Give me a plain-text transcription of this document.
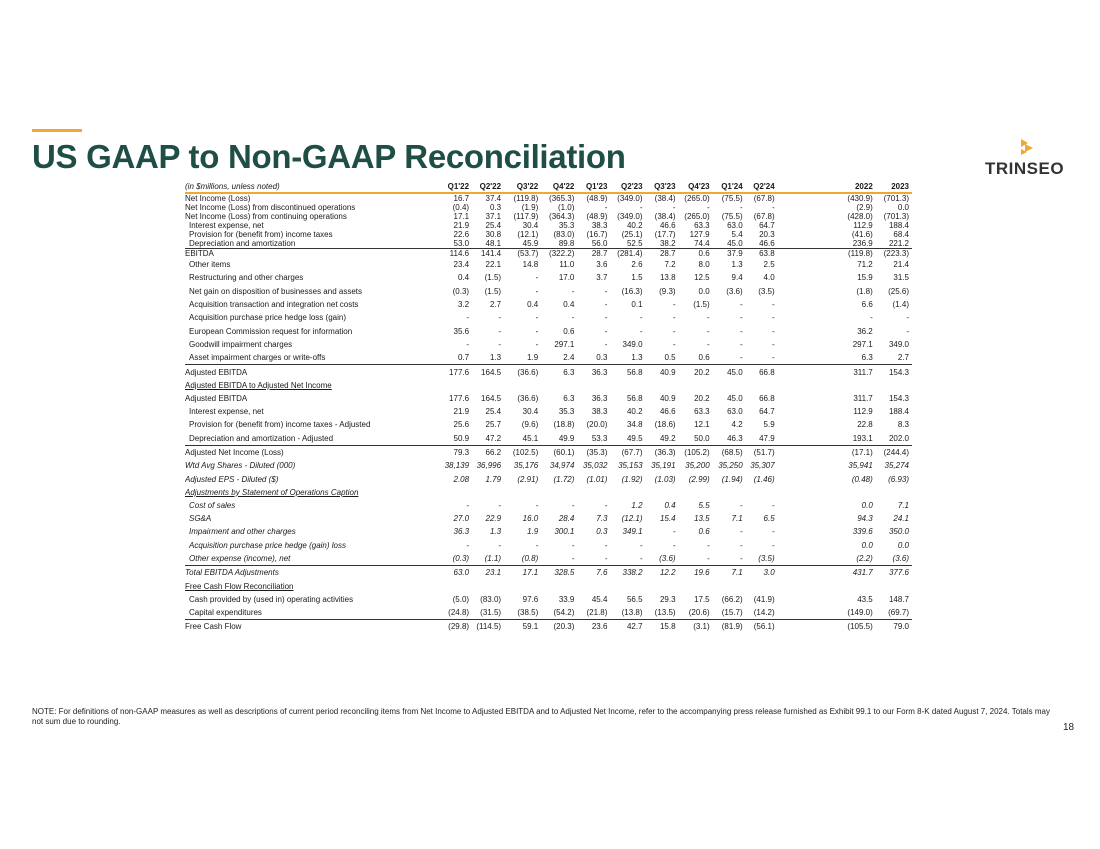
US GAAP to Non-GAAP Reconciliation	TRINSEO
(in $millions, unless noted)	Q1'22	Q2'22	Q3'22	Q4'22	Q1'23	Q2'23	Q3'23	Q4'23	Q1'24	Q2'24		2022	2023
Net Income (Loss)	16.7	37.4	(119.8)	(365.3)	(48.9)	(349.0)	(38.4)	(265.0)	(75.5)	(67.8)		(430.9)	(701.3)
Net Income (Loss) from discontinued operations	(0.4)	0.3	(1.9)	(1.0)	-	-	-	-	-	-		(2.9)	0.0
Net Income (Loss) from continuing operations	17.1	37.1	(117.9)	(364.3)	(48.9)	(349.0)	(38.4)	(265.0)	(75.5)	(67.8)		(428.0)	(701.3)
Interest expense, net	21.9	25.4	30.4	35.3	38.3	40.2	46.6	63.3	63.0	64.7		112.9	188.4
Provision for (benefit from) income taxes	22.6	30.8	(12.1)	(83.0)	(16.7)	(25.1)	(17.7)	127.9	5.4	20.3		(41.6)	68.4
Depreciation and amortization	53.0	48.1	45.9	89.8	56.0	52.5	38.2	74.4	45.0	46.6		236.9	221.2
EBITDA	114.6	141.4	(53.7)	(322.2)	28.7	(281.4)	28.7	0.6	37.9	63.8		(119.8)	(223.3)
Other items	23.4	22.1	14.8	11.0	3.6	2.6	7.2	8.0	1.3	2.5		71.2	21.4
Restructuring and other charges	0.4	(1.5)	-	17.0	3.7	1.5	13.8	12.5	9.4	4.0		15.9	31.5
Net gain on disposition of businesses and assets	(0.3)	(1.5)	-	-	-	(16.3)	(9.3)	0.0	(3.6)	(3.5)		(1.8)	(25.6)
Acquisition transaction and integration net costs	3.2	2.7	0.4	0.4	-	0.1	-	(1.5)	-	-		6.6	(1.4)
Acquisition purchase price hedge loss (gain)	-	-	-	-	-	-	-	-	-	-		-	-
European Commission request for information	35.6	-	-	0.6	-	-	-	-	-	-		36.2	-
Goodwill impairment charges	-	-	-	297.1	-	349.0	-	-	-	-		297.1	349.0
Asset impairment charges or write-offs	0.7	1.3	1.9	2.4	0.3	1.3	0.5	0.6	-	-		6.3	2.7
Adjusted EBITDA	177.6	164.5	(36.6)	6.3	36.3	56.8	40.9	20.2	45.0	66.8		311.7	154.3
Adjusted EBITDA to Adjusted Net Income													
Adjusted EBITDA	177.6	164.5	(36.6)	6.3	36.3	56.8	40.9	20.2	45.0	66.8		311.7	154.3
Interest expense, net	21.9	25.4	30.4	35.3	38.3	40.2	46.6	63.3	63.0	64.7		112.9	188.4
Provision for (benefit from) income taxes - Adjusted	25.6	25.7	(9.6)	(18.8)	(20.0)	34.8	(18.6)	12.1	4.2	5.9		22.8	8.3
Depreciation and amortization - Adjusted	50.9	47.2	45.1	49.9	53.3	49.5	49.2	50.0	46.3	47.9		193.1	202.0
Adjusted Net Income (Loss)	79.3	66.2	(102.5)	(60.1)	(35.3)	(67.7)	(36.3)	(105.2)	(68.5)	(51.7)		(17.1)	(244.4)
Wtd Avg Shares - Diluted (000)	38,139	36,996	35,176	34,974	35,032	35,153	35,191	35,200	35,250	35,307		35,941	35,274
Adjusted EPS - Diluted ($)	2.08	1.79	(2.91)	(1.72)	(1.01)	(1.92)	(1.03)	(2.99)	(1.94)	(1.46)		(0.48)	(6.93)
Adjustments by Statement of Operations Caption													
Cost of sales	-	-	-	-	-	1.2	0.4	5.5	-	-		0.0	7.1
SG&A	27.0	22.9	16.0	28.4	7.3	(12.1)	15.4	13.5	7.1	6.5		94.3	24.1
Impairment and other charges	36.3	1.3	1.9	300.1	0.3	349.1	-	0.6	-	-		339.6	350.0
Acquisition purchase price hedge (gain) loss	-	-	-	-	-	-	-	-	-	-		0.0	0.0
Other expense (income), net	(0.3)	(1.1)	(0.8)	-	-	-	(3.6)	-	-	(3.5)		(2.2)	(3.6)
Total EBITDA Adjustments	63.0	23.1	17.1	328.5	7.6	338.2	12.2	19.6	7.1	3.0		431.7	377.6
Free Cash Flow Reconciliation													
Cash provided by (used in) operating activities	(5.0)	(83.0)	97.6	33.9	45.4	56.5	29.3	17.5	(66.2)	(41.9)		43.5	148.7
Capital expenditures	(24.8)	(31.5)	(38.5)	(54.2)	(21.8)	(13.8)	(13.5)	(20.6)	(15.7)	(14.2)		(149.0)	(69.7)
Free Cash Flow	(29.8)	(114.5)	59.1	(20.3)	23.6	42.7	15.8	(3.1)	(81.9)	(56.1)		(105.5)	79.0

NOTE: For definitions of non-GAAP measures as well as descriptions of current period reconciling items from Net Income to Adjusted EBITDA and to Adjusted Net Income, refer to the accompanying press release furnished as Exhibit 99.1 to our Form 8-K dated August 7, 2024. Totals may not sum due to rounding.

18
